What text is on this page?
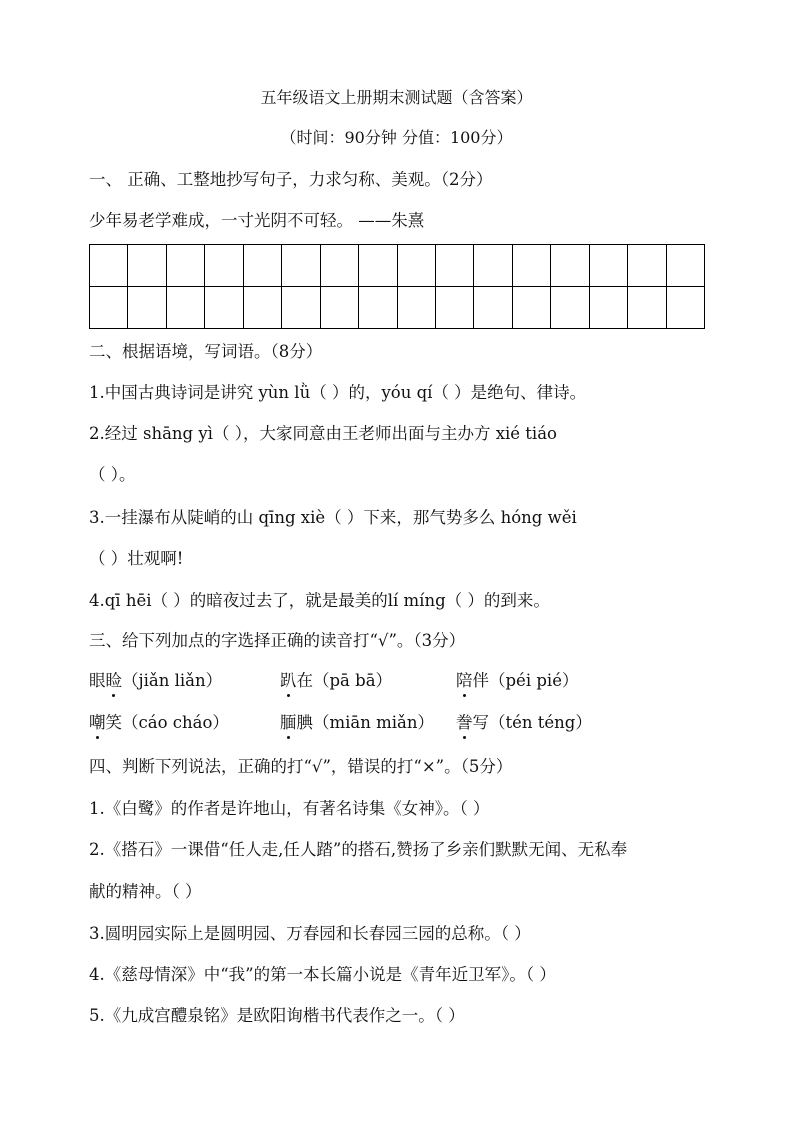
五年级语文上册期末测试题（含答案）
（时间：90分钟 分值：100分）
一、 正确、工整地抄写句子，力求匀称、美观。（2分）
少年易老学难成，一寸光阴不可轻。 ——朱熹

二、根据语境，写词语。（8分）
1.中国古典诗词是讲究 yùn lǜ（ ）的，yóu qí（ ）是绝句、律诗。
2.经过 shāng yì（ ），大家同意由王老师出面与主办方 xié tiáo
（ ）。
3.一挂瀑布从陡峭的山 qīng xiè（ ）下来，那气势多么 hóng wěi
（ ）壮观啊!
4.qī hēi（ ）的暗夜过去了，就是最美的lí míng（ ）的到来。
三、给下列加点的字选择正确的读音打“√”。（3分）
眼睑（jiǎn liǎn）	趴在（pā bā）	陪伴（péi pié）
嘲笑（cáo cháo）	腼腆（miān miǎn） 誊写（tén téng）
四、判断下列说法，正确的打“√”，错误的打“×”。（5分）
1.《白鹭》的作者是许地山，有著名诗集《女神》。（ ）
2.《搭石》一课借“任人走,任人踏”的搭石,赞扬了乡亲们默默无闻、无私奉
献的精神。（ ）
3.圆明园实际上是圆明园、万春园和长春园三园的总称。（ ）
4.《慈母情深》中“我”的第一本长篇小说是《青年近卫军》。（ ）
5.《九成宫醴泉铭》是欧阳询楷书代表作之一。（ ）
